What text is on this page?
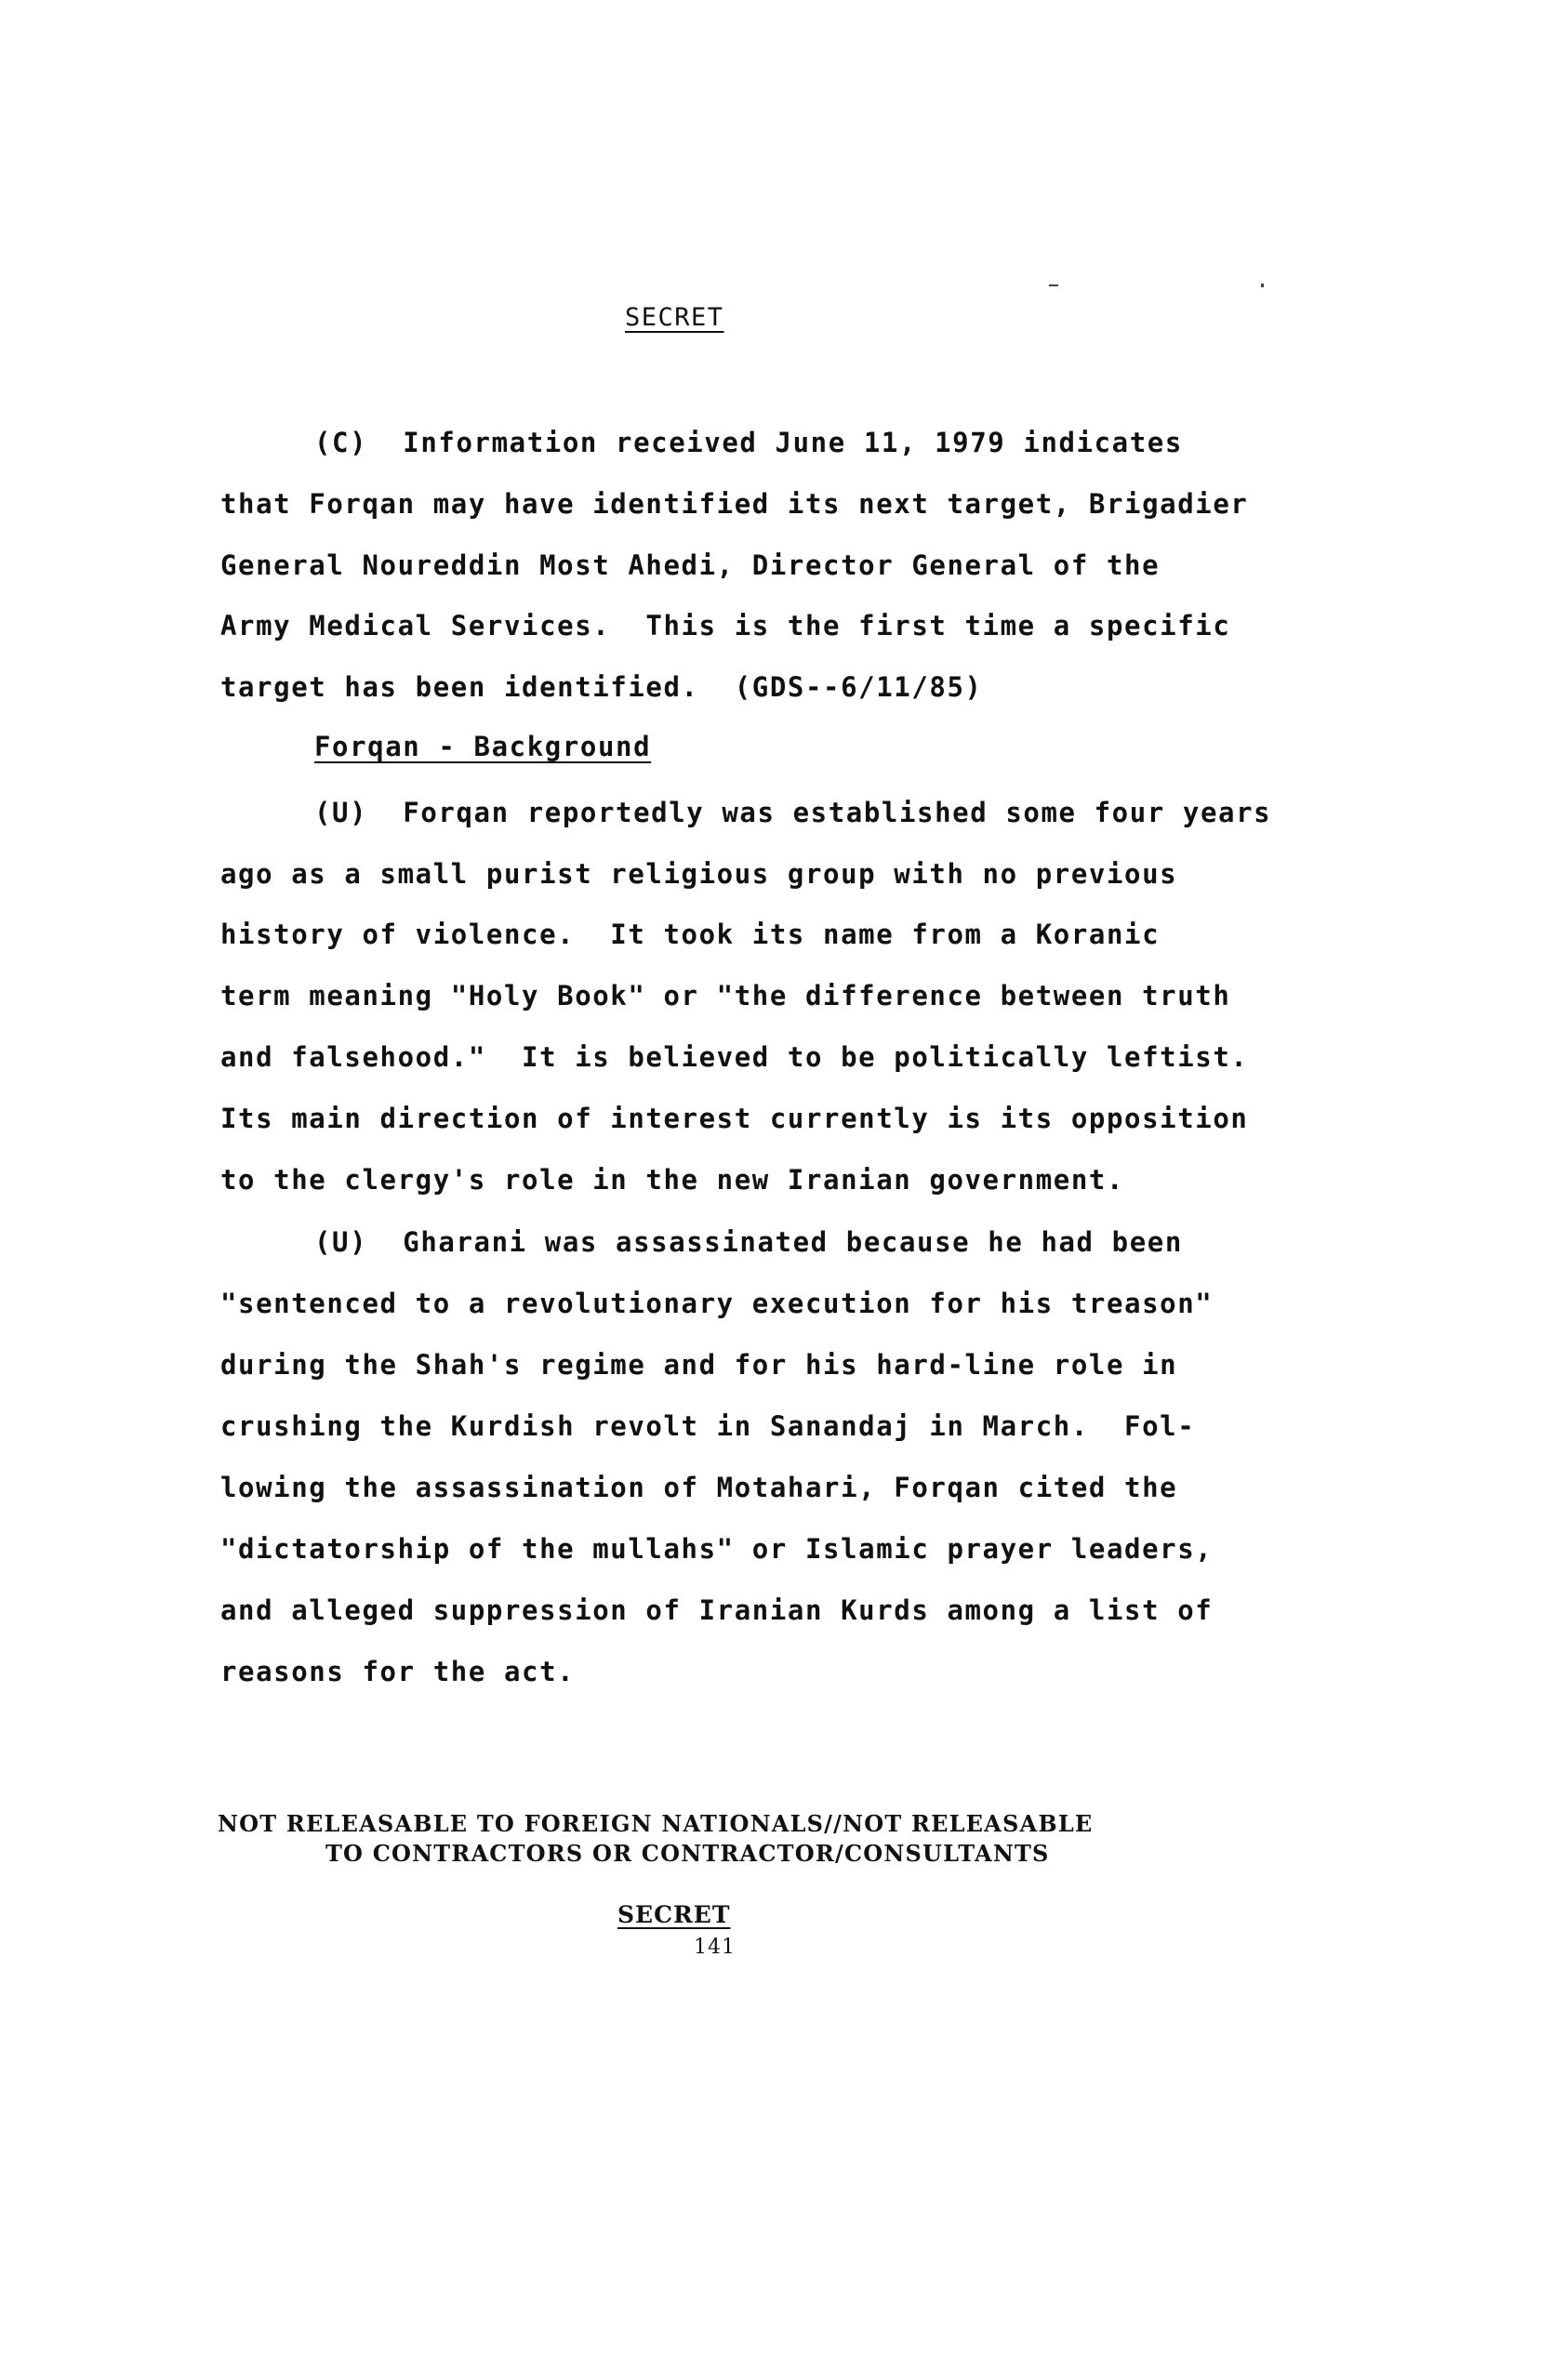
SECRET
(C)  Information received June 11, 1979 indicates
that Forqan may have identified its next target, Brigadier
General Noureddin Most Ahedi, Director General of the
Army Medical Services.  This is the first time a specific
target has been identified.  (GDS--6/11/85)
Forqan - Background
(U)  Forqan reportedly was established some four years
ago as a small purist religious group with no previous
history of violence.  It took its name from a Koranic
term meaning "Holy Book" or "the difference between truth
and falsehood."  It is believed to be politically leftist.
Its main direction of interest currently is its opposition
to the clergy's role in the new Iranian government.
(U)  Gharani was assassinated because he had been
"sentenced to a revolutionary execution for his treason"
during the Shah's regime and for his hard-line role in
crushing the Kurdish revolt in Sanandaj in March.  Fol-
lowing the assassination of Motahari, Forqan cited the
"dictatorship of the mullahs" or Islamic prayer leaders,
and alleged suppression of Iranian Kurds among a list of
reasons for the act.
NOT RELEASABLE TO FOREIGN NATIONALS//NOT RELEASABLE
TO CONTRACTORS OR CONTRACTOR/CONSULTANTS
SECRET
141
